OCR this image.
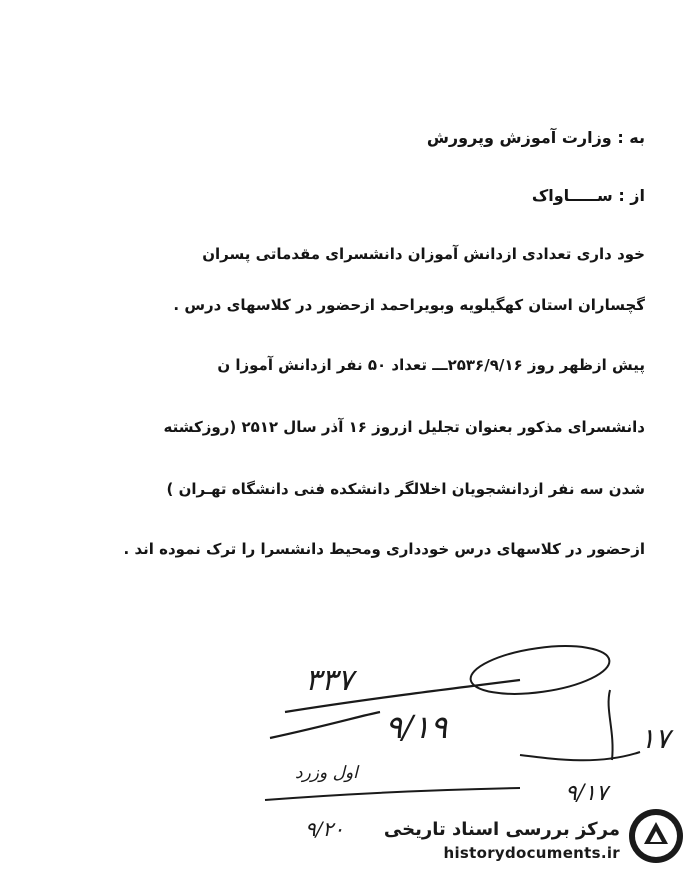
به : وزارت آموزش وپرورش
از : ســـــاواک
خود داری تعدادی ازدانش آموزان دانشسرای مقدماتی پسران
گچساران استان کهگیلویه وبویراحمد ازحضور در کلاسهای درس .
پیش ازظهر روز ۲۵۳۶/۹/۱۶ـــ تعداد ۵۰ نفر ازدانش آموزا ن
دانشسرای مذکور بعنوان تجلیل ازروز ۱۶ آذر سال ۲۵۱۲ (روزکشته
شدن سه نفر ازدانشجویان اخلالگر دانشکده فنی دانشگاه تهـران )
ازحضور در کلاسهای درس خودداری ومحیط دانشسرا را ترک نموده اند .
۳۳۷
۹/۱۹
اول وزرد
۹/۲۰
۱۷
۹/۱۷
مرکز بررسی اسناد تاریخی
historydocuments.ir
